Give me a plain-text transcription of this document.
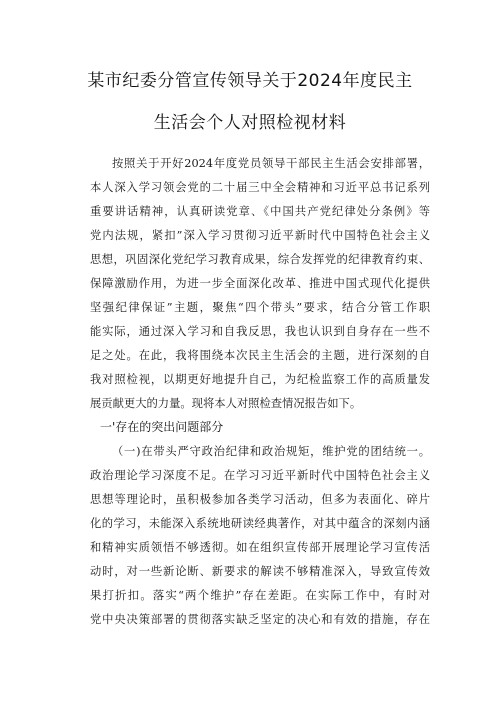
某市纪委分管宣传领导关于2024年度民主
生活会个人对照检视材料
按照关于开好2024年度党员领导干部民主生活会安排部署，
本人深入学习领会党的二十届三中全会精神和习近平总书记系列
重要讲话精神，认真研读党章、《中国共产党纪律处分条例》等
党内法规，紧扣”深入学习贯彻习近平新时代中国特色社会主义
思想，巩固深化党纪学习教育成果，综合发挥党的纪律教育约束、
保障激励作用，为进一步全面深化改革、推进中国式现代化提供
坚强纪律保证”主题，聚焦“四个带头”要求，结合分管工作职
能实际，通过深入学习和自我反思，我也认识到自身存在一些不
足之处。在此，我将围绕本次民主生活会的主题，进行深刻的自
我对照检视，以期更好地提升自己，为纪检监察工作的高质量发
展贡献更大的力量。现将本人对照检查情况报告如下。
一'存在的突出问题部分
（一)在带头严守政治纪律和政治规矩，维护党的团结统一。
政治理论学习深度不足。在学习习近平新时代中国特色社会主义
思想等理论时，虽积极参加各类学习活动，但多为表面化、碎片
化的学习，未能深入系统地研读经典著作，对其中蕴含的深刻内涵
和精神实质领悟不够透彻。如在组织宣传部开展理论学习宣传活
动时，对一些新论断、新要求的解读不够精准深入，导致宣传效
果打折扣。落实“两个维护”存在差距。在实际工作中，有时对
党中央决策部署的贯彻落实缺乏坚定的决心和有效的措施，存在
